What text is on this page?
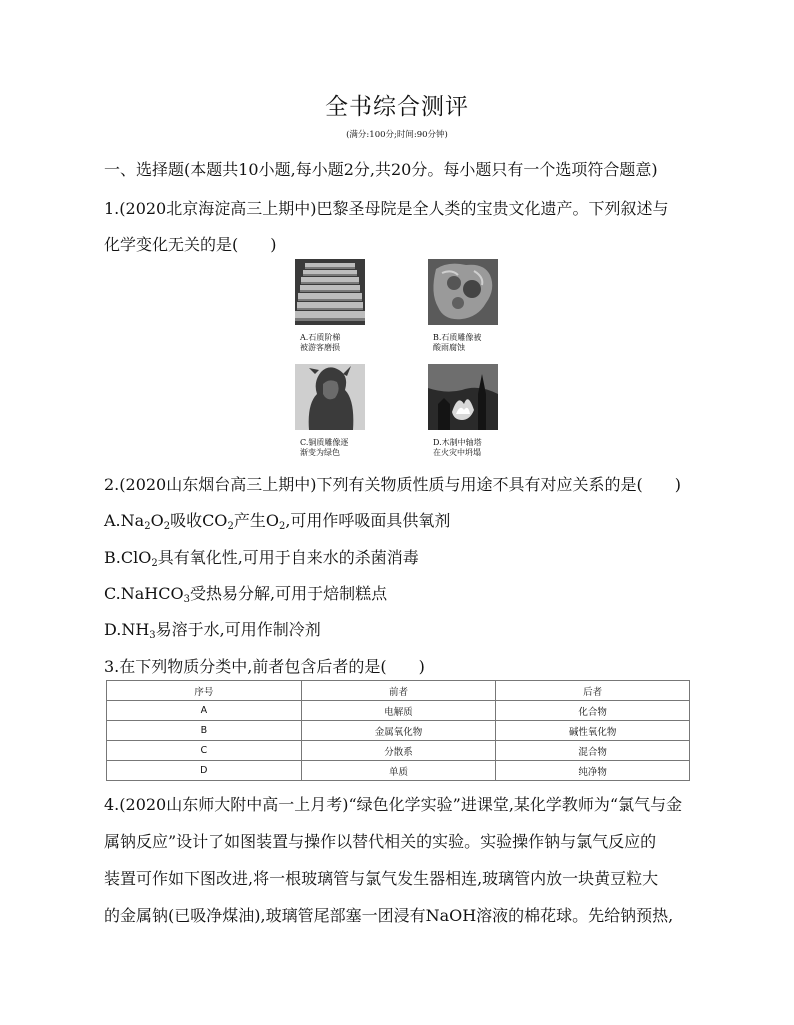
全书综合测评
(满分:100分;时间:90分钟)
一、选择题(本题共10小题,每小题2分,共20分。每小题只有一个选项符合题意)
1.(2020北京海淀高三上期中)巴黎圣母院是全人类的宝贵文化遗产。下列叙述与
化学变化无关的是(　　)
A.石质阶梯
被游客磨损
B.石质雕像被
酸雨腐蚀
C.铜质雕像逐
渐变为绿色
D.木制中轴塔
在火灾中坍塌
2.(2020山东烟台高三上期中)下列有关物质性质与用途不具有对应关系的是(　　)
$A.Na_2O_2$吸收$CO_2$产生$O_2$,可用作呼吸面具供氧剂
B.ClO$_2$具有氧化性,可用于自来水的杀菌消毒
C.NaHCO$_3$受热易分解,可用于焙制糕点
$D.NH_3$易溶于水,可用作制冷剂
3.在下列物质分类中,前者包含后者的是(　　)
序号	前者	后者
A	电解质	化合物
B	金属氧化物	碱性氧化物
C	分散系	混合物
D	单质	纯净物
4.(2020山东师大附中高一上月考)“绿色化学实验”进课堂,某化学教师为“氯气与金
属钠反应”设计了如图装置与操作以替代相关的实验。实验操作钠与氯气反应的
装置可作如下图改进,将一根玻璃管与氯气发生器相连,玻璃管内放一块黄豆粒大
的金属钠(已吸净煤油),玻璃管尾部塞一团浸有NaOH溶液的棉花球。先给钠预热,
